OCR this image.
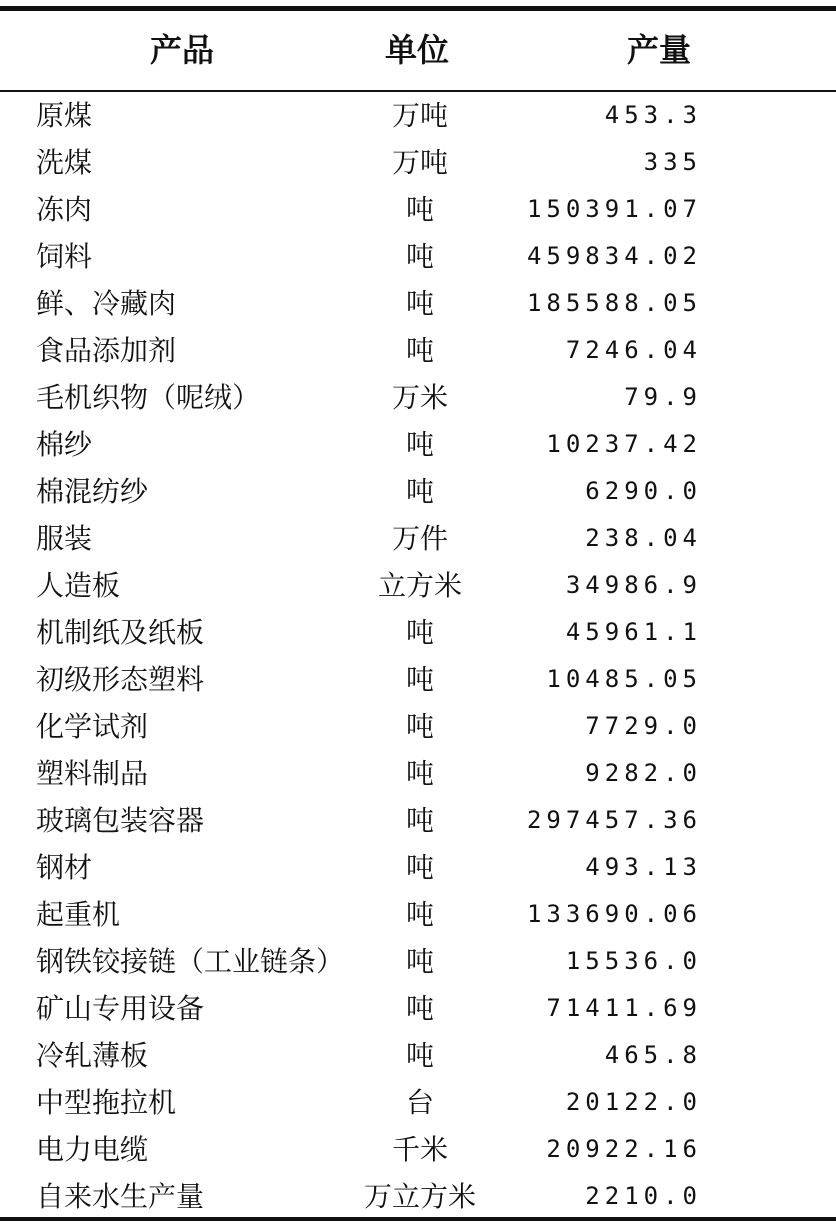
产品	单位	产量
原煤	万吨	453.3
洗煤	万吨	335
冻肉	吨	150391.07
饲料	吨	459834.02
鲜、冷藏肉	吨	185588.05
食品添加剂	吨	7246.04
毛机织物（呢绒）	万米	79.9
棉纱	吨	10237.42
棉混纺纱	吨	6290.0
服装	万件	238.04
人造板	立方米	34986.9
机制纸及纸板	吨	45961.1
初级形态塑料	吨	10485.05
化学试剂	吨	7729.0
塑料制品	吨	9282.0
玻璃包装容器	吨	297457.36
钢材	吨	493.13
起重机	吨	133690.06
钢铁铰接链（工业链条）	吨	15536.0
矿山专用设备	吨	71411.69
冷轧薄板	吨	465.8
中型拖拉机	台	20122.0
电力电缆	千米	20922.16
自来水生产量	万立方米	2210.0
